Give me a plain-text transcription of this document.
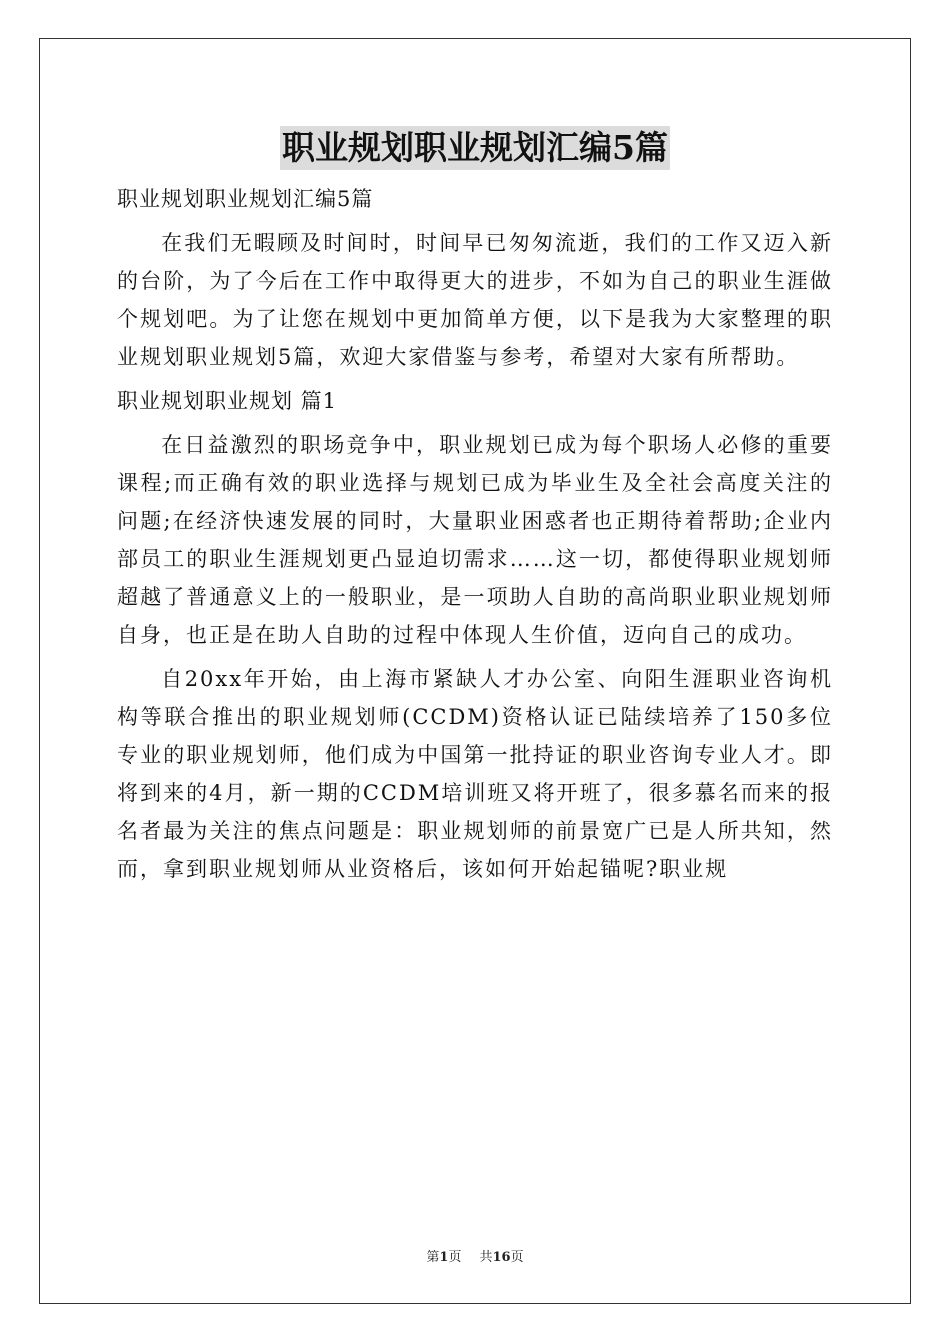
职业规划职业规划汇编5篇

职业规划职业规划汇编5篇

在我们无暇顾及时间时，时间早已匆匆流逝，我们的工作又迈入新的台阶，为了今后在工作中取得更大的进步，不如为自己的职业生涯做个规划吧。为了让您在规划中更加简单方便，以下是我为大家整理的职业规划职业规划5篇，欢迎大家借鉴与参考，希望对大家有所帮助。

职业规划职业规划 篇1

在日益激烈的职场竞争中，职业规划已成为每个职场人必修的重要课程;而正确有效的职业选择与规划已成为毕业生及全社会高度关注的问题;在经济快速发展的同时，大量职业困惑者也正期待着帮助;企业内部员工的职业生涯规划更凸显迫切需求……这一切，都使得职业规划师超越了普通意义上的一般职业，是一项助人自助的高尚职业职业规划师自身，也正是在助人自助的过程中体现人生价值，迈向自己的成功。

自20xx年开始，由上海市紧缺人才办公室、向阳生涯职业咨询机构等联合推出的职业规划师(CCDM)资格认证已陆续培养了150多位专业的职业规划师，他们成为中国第一批持证的职业咨询专业人才。即将到来的4月，新一期的CCDM培训班又将开班了，很多慕名而来的报名者最为关注的焦点问题是：职业规划师的前景宽广已是人所共知，然而，拿到职业规划师从业资格后，该如何开始起锚呢?职业规

第1页 共16页
